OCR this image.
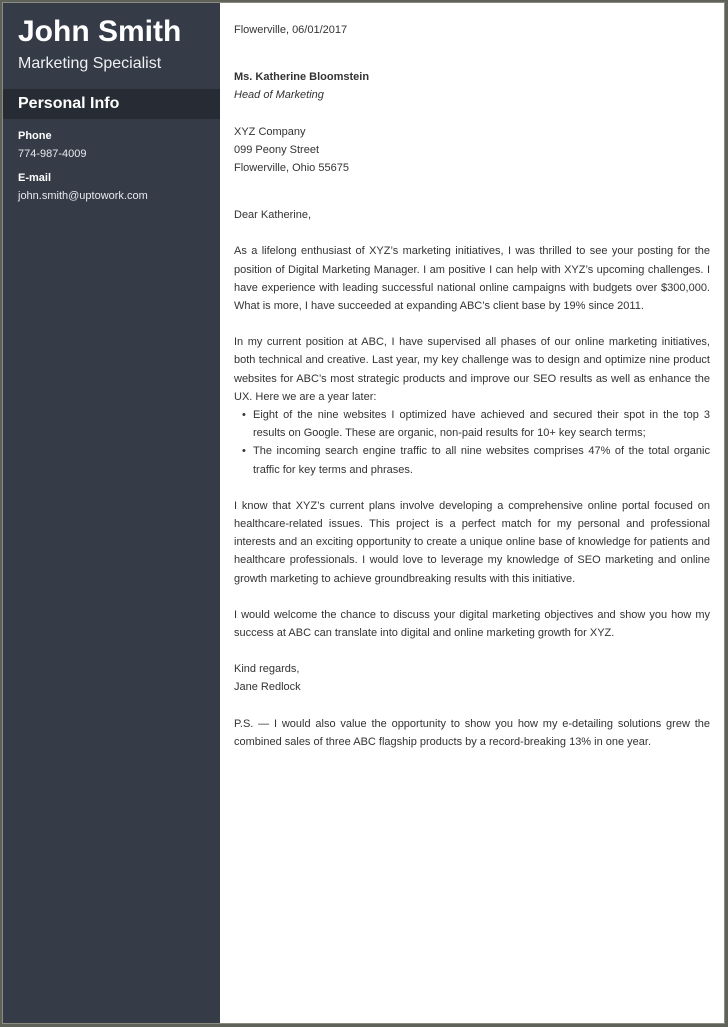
John Smith
Marketing Specialist
Personal Info
Phone
774-987-4009
E-mail
john.smith@uptowork.com

Flowerville, 06/01/2017

Ms. Katherine Bloomstein

Head of Marketing

XYZ Company

099 Peony Street

Flowerville, Ohio 55675

Dear Katherine,

As a lifelong enthusiast of XYZ’s marketing initiatives, I was thrilled to see your posting for the position of Digital Marketing Manager. I am positive I can help with XYZ’s upcoming challenges. I have experience with leading successful national online campaigns with budgets over $300,000. What is more, I have succeeded at expanding ABC’s client base by 19% since 2011.

In my current position at ABC, I have supervised all phases of our online marketing initiatives, both technical and creative. Last year, my key challenge was to design and optimize nine product websites for ABC’s most strategic products and improve our SEO results as well as enhance the UX. Here we are a year later:

• Eight of the nine websites I optimized have achieved and secured their spot in the top 3 results on Google. These are organic, non-paid results for 10+ key search terms;
• The incoming search engine traffic to all nine websites comprises 47% of the total organic traffic for key terms and phrases.

I know that XYZ’s current plans involve developing a comprehensive online portal focused on healthcare-related issues. This project is a perfect match for my personal and professional interests and an exciting opportunity to create a unique online base of knowledge for patients and healthcare professionals. I would love to leverage my knowledge of SEO marketing and online growth marketing to achieve groundbreaking results with this initiative.

I would welcome the chance to discuss your digital marketing objectives and show you how my success at ABC can translate into digital and online marketing growth for XYZ.

Kind regards,

Jane Redlock

P.S. — I would also value the opportunity to show you how my e-detailing solutions grew the combined sales of three ABC flagship products by a record-breaking 13% in one year.
